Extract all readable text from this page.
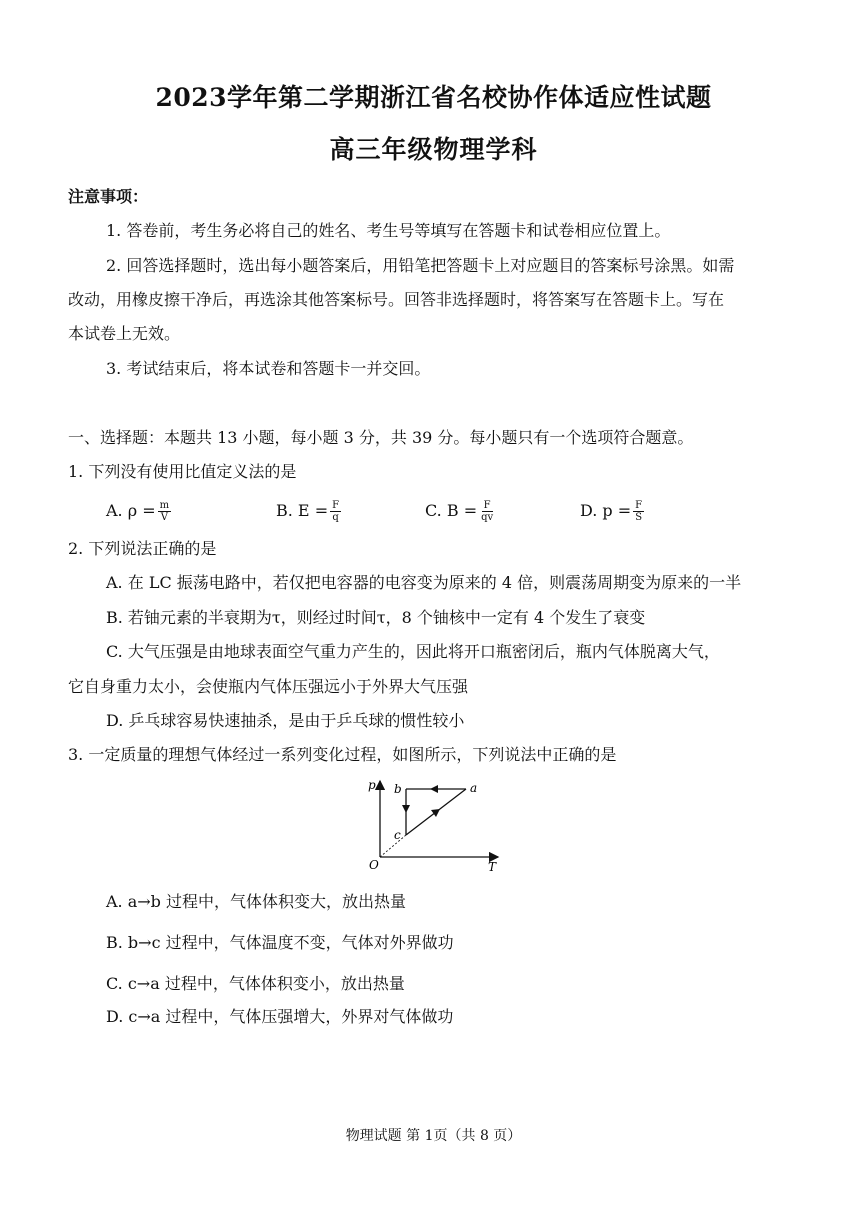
2023学年第二学期浙江省名校协作体适应性试题
高三年级物理学科
注意事项：
1. 答卷前，考生务必将自己的姓名、考生号等填写在答题卡和试卷相应位置上。
2. 回答选择题时，选出每小题答案后，用铅笔把答题卡上对应题目的答案标号涂黑。如需
改动，用橡皮擦干净后，再选涂其他答案标号。回答非选择题时，将答案写在答题卡上。写在
本试卷上无效。
3. 考试结束后，将本试卷和答题卡一并交回。
一、选择题：本题共 13 小题，每小题 3 分，共 39 分。每小题只有一个选项符合题意。
1. 下列没有使用比值定义法的是
A. $\rho = \frac{m}{V}$	B. $E = \frac{F}{q}$	C. $B = \frac{F}{qv}$	D. $p = \frac{F}{S}$
2. 下列说法正确的是
A. 在 LC 振荡电路中，若仅把电容器的电容变为原来的 4 倍，则震荡周期变为原来的一半
B. 若铀元素的半衰期为τ，则经过时间τ，8 个铀核中一定有 4 个发生了衰变
C. 大气压强是由地球表面空气重力产生的，因此将开口瓶密闭后，瓶内气体脱离大气，
它自身重力太小，会使瓶内气体压强远小于外界大气压强
D. 乒乓球容易快速抽杀，是由于乒乓球的惯性较小
3. 一定质量的理想气体经过一系列变化过程，如图所示，下列说法中正确的是
p
T
O
a
b
c
A. a→b 过程中，气体体积变大，放出热量
B. b→c 过程中，气体温度不变，气体对外界做功
C. c→a 过程中，气体体积变小，放出热量
D. c→a 过程中，气体压强增大，外界对气体做功
物理试题 第 1页（共 8 页）
